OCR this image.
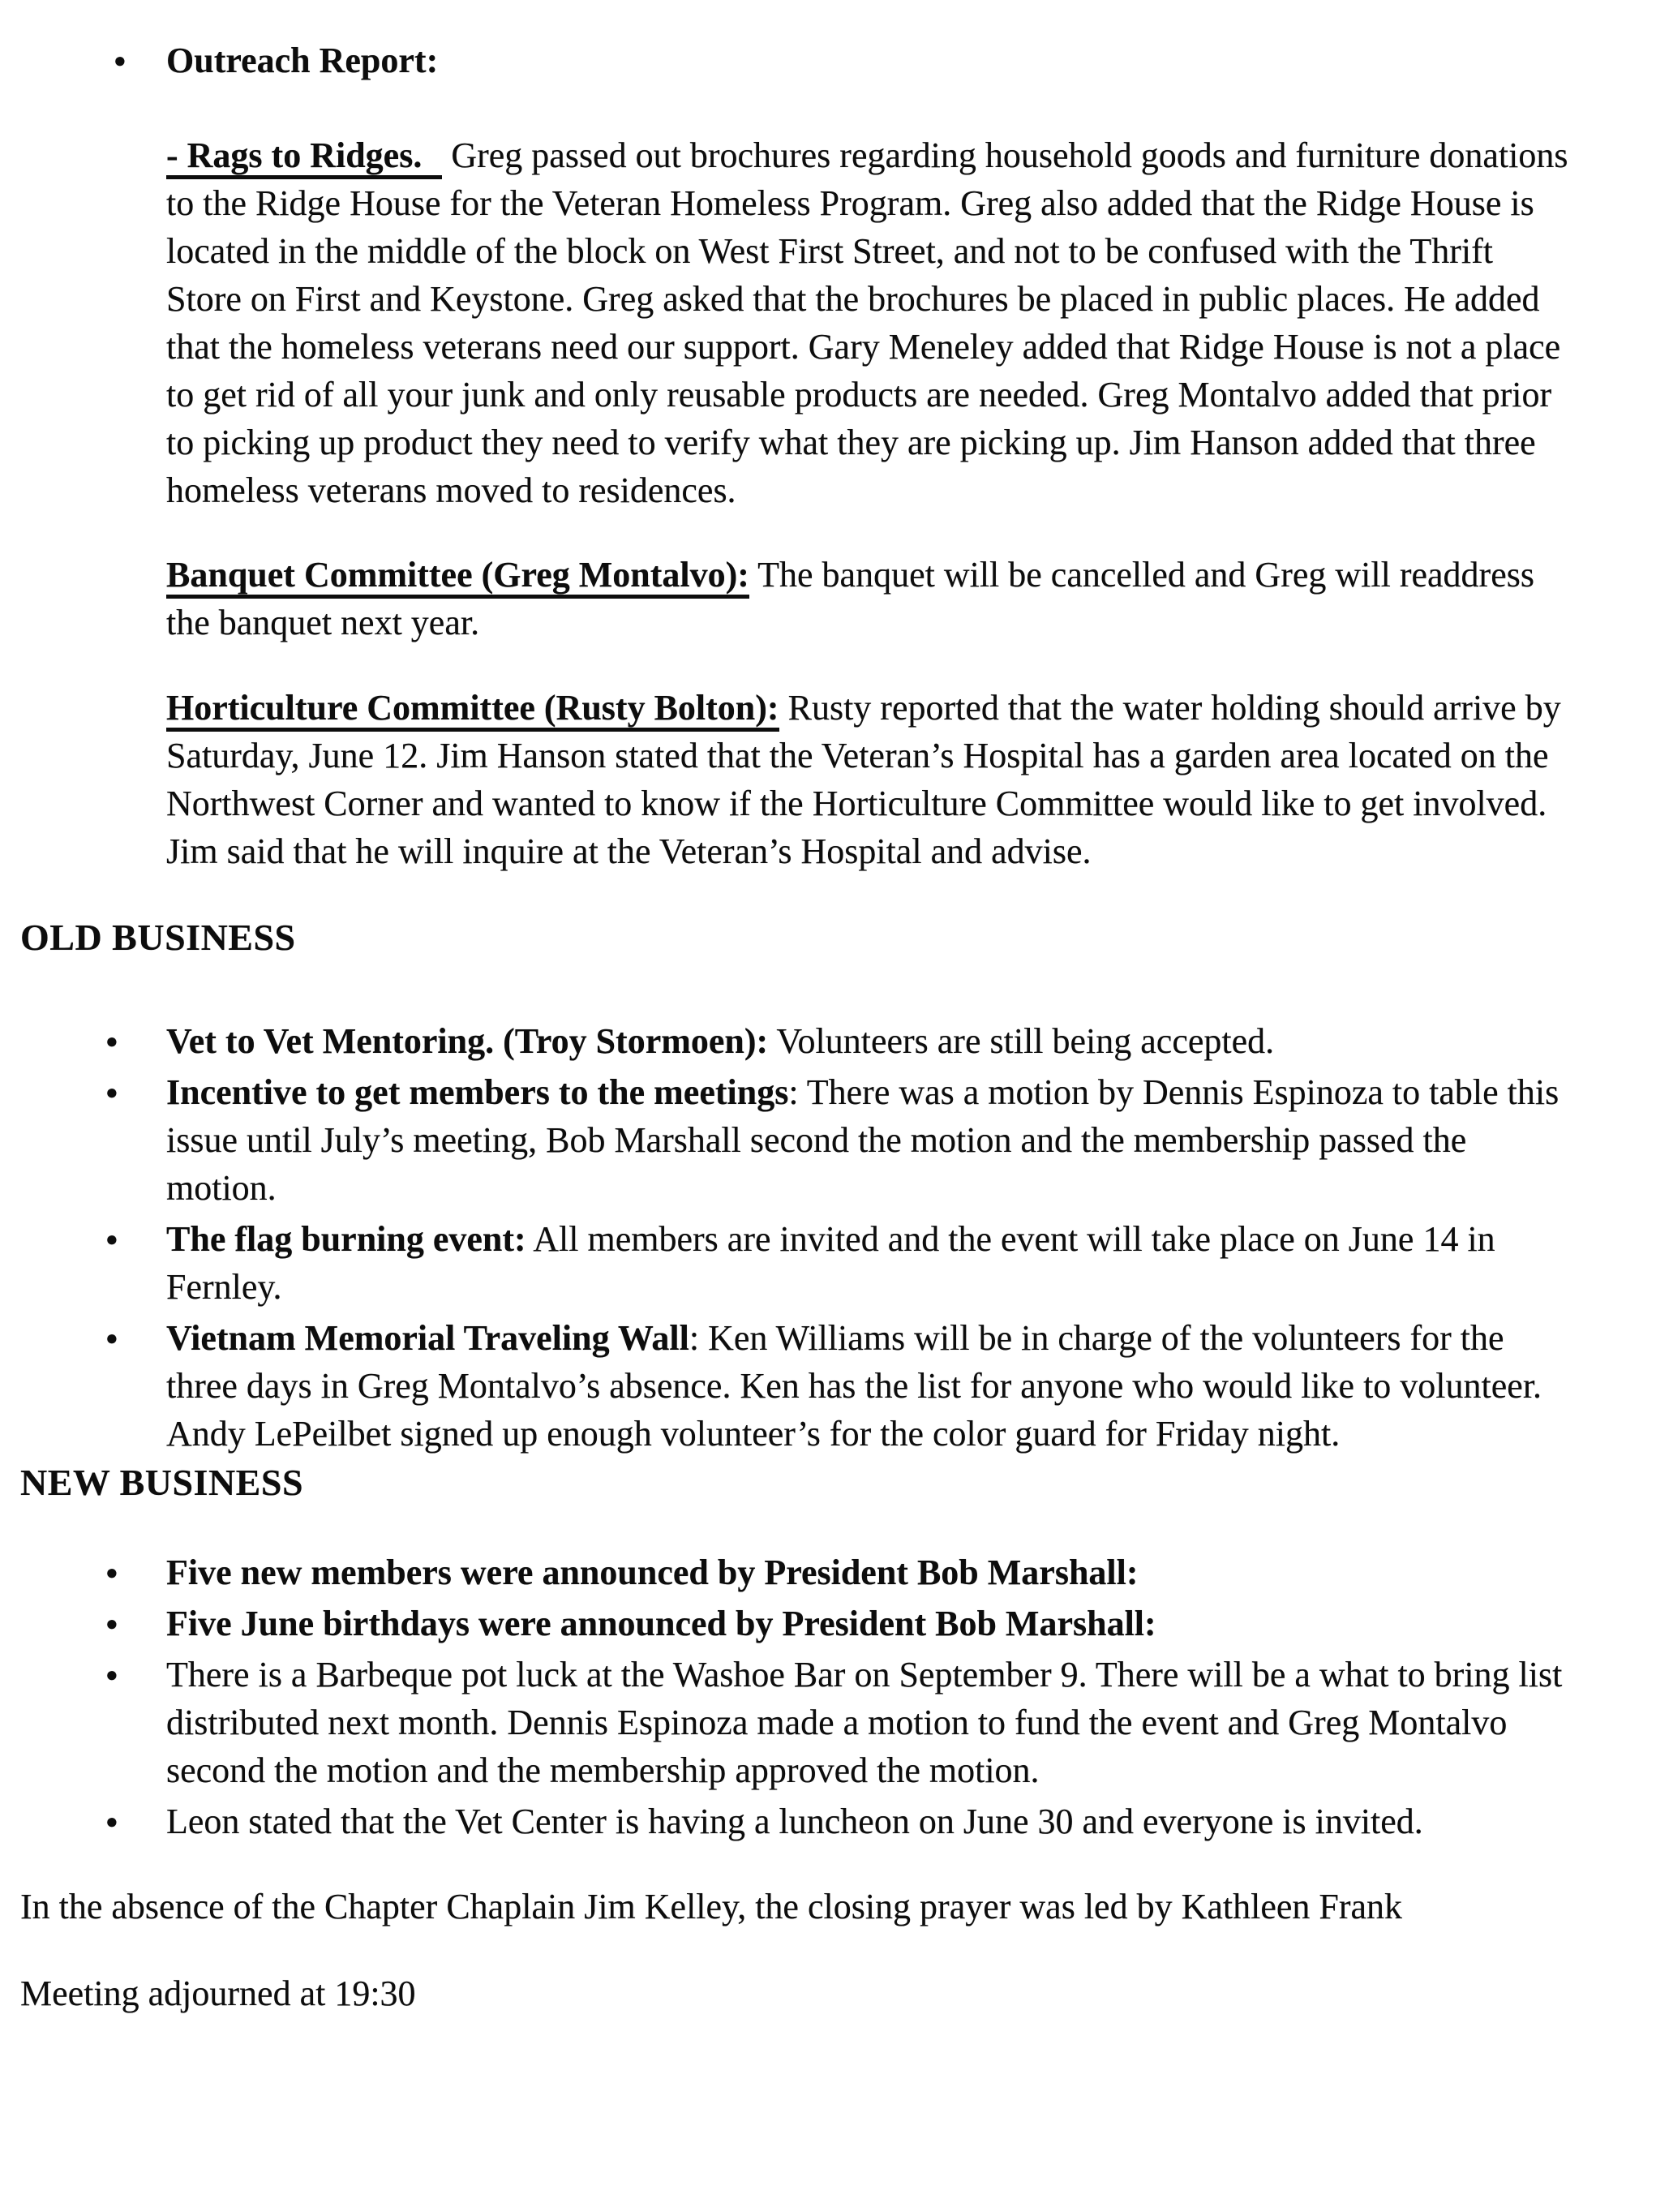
●
Outreach Report:

- Rags to Ridges. Greg passed out brochures regarding household goods and furniture donations to the Ridge House for the Veteran Homeless Program. Greg also added that the Ridge House is located in the middle of the block on West First Street, and not to be confused with the Thrift Store on First and Keystone. Greg asked that the brochures be placed in public places. He added that the homeless veterans need our support. Gary Meneley added that Ridge House is not a place to get rid of all your junk and only reusable products are needed. Greg Montalvo added that prior to picking up product they need to verify what they are picking up. Jim Hanson added that three homeless veterans moved to residences.

Banquet Committee (Greg Montalvo): The banquet will be cancelled and Greg will readdress the banquet next year.

Horticulture Committee (Rusty Bolton): Rusty reported that the water holding should arrive by Saturday, June 12. Jim Hanson stated that the Veteran’s Hospital has a garden area located on the Northwest Corner and wanted to know if the Horticulture Committee would like to get involved. Jim said that he will inquire at the Veteran’s Hospital and advise.

OLD BUSINESS
●
Vet to Vet Mentoring. (Troy Stormoen): Volunteers are still being accepted.
●
Incentive to get members to the meetings: There was a motion by Dennis Espinoza to table this issue until July’s meeting, Bob Marshall second the motion and the membership passed the motion.
●
The flag burning event: All members are invited and the event will take place on June 14 in Fernley.
●
Vietnam Memorial Traveling Wall: Ken Williams will be in charge of the volunteers for the three days in Greg Montalvo’s absence. Ken has the list for anyone who would like to volunteer. Andy LePeilbet signed up enough volunteer’s for the color guard for Friday night.
NEW BUSINESS
●
Five new members were announced by President Bob Marshall:
●
Five June birthdays were announced by President Bob Marshall:
●
There is a Barbeque pot luck at the Washoe Bar on September 9. There will be a what to bring list distributed next month. Dennis Espinoza made a motion to fund the event and Greg Montalvo second the motion and the membership approved the motion.
●
Leon stated that the Vet Center is having a luncheon on June 30 and everyone is invited.

In the absence of the Chapter Chaplain Jim Kelley, the closing prayer was led by Kathleen Frank

Meeting adjourned at 19:30
